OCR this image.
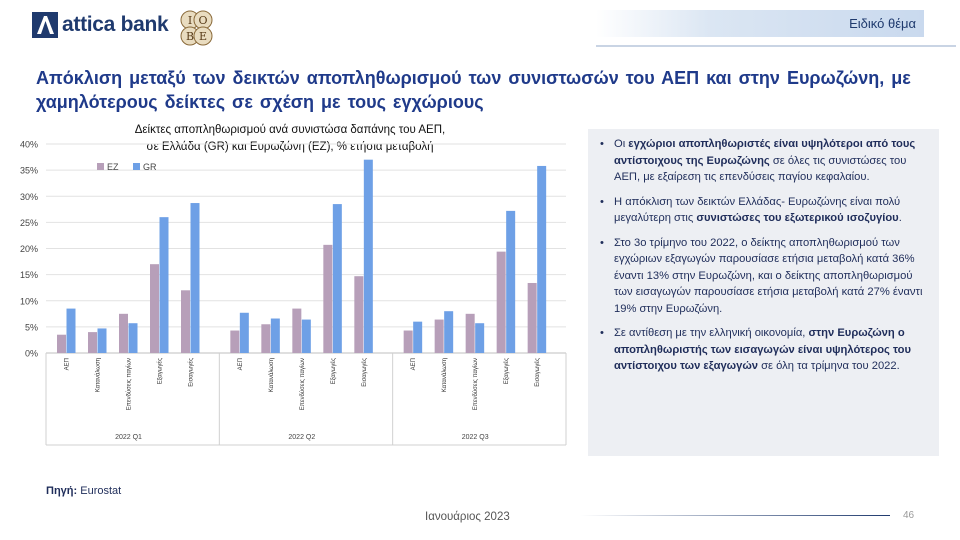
attica bank Ι Ο
Β Ε
Ειδικό θέμα
Απόκλιση μεταξύ των δεικτών αποπληθωρισμού των συνιστωσών του ΑΕΠ και στην Ευρωζώνη, με χαμηλότερους δείκτες σε σχέση με τους εγχώριους
Δείκτες αποπληθωρισμού ανά συνιστώσα δαπάνης του ΑΕΠ,
σε Ελλάδα (GR) και Ευρωζώνη (EZ), % ετήσια μεταβολή
0%
5%
10%
15%
20%
25%
30%
35%
40%
2022 Q1
ΑΕΠ	Κατανάλωση	Επενδύσεις παγίων	Εξαγωγές	Εισαγωγές
2022 Q2
ΑΕΠ	Κατανάλωση	Επενδύσεις παγίων	Εξαγωγές	Εισαγωγές
2022 Q3
ΑΕΠ	Κατανάλωση	Επενδύσεις παγίων	Εξαγωγές	Εισαγωγές
EZ	GR
• Οι εγχώριοι αποπληθωριστές είναι υψηλότεροι από τους αντίστοιχους της Ευρωζώνης σε όλες τις συνιστώσες του ΑΕΠ, με εξαίρεση τις επενδύσεις παγίου κεφαλαίου.
• Η απόκλιση των δεικτών Ελλάδας- Ευρωζώνης είναι πολύ μεγαλύτερη στις συνιστώσες του εξωτερικού ισοζυγίου.
• Στο 3ο τρίμηνο του 2022, ο δείκτης αποπληθωρισμού των εγχώριων εξαγωγών παρουσίασε ετήσια μεταβολή κατά 36% έναντι 13% στην Ευρωζώνη, και ο δείκτης αποπληθωρισμού των εισαγωγών παρουσίασε ετήσια μεταβολή κατά 27% έναντι 19% στην Ευρωζώνη.
• Σε αντίθεση με την ελληνική οικονομία, στην Ευρωζώνη ο αποπληθωριστής των εισαγωγών είναι υψηλότερος του αντίστοιχου των εξαγωγών σε όλη τα τρίμηνα του 2022.
Πηγή: Eurostat
Ιανουάριος 2023	46
